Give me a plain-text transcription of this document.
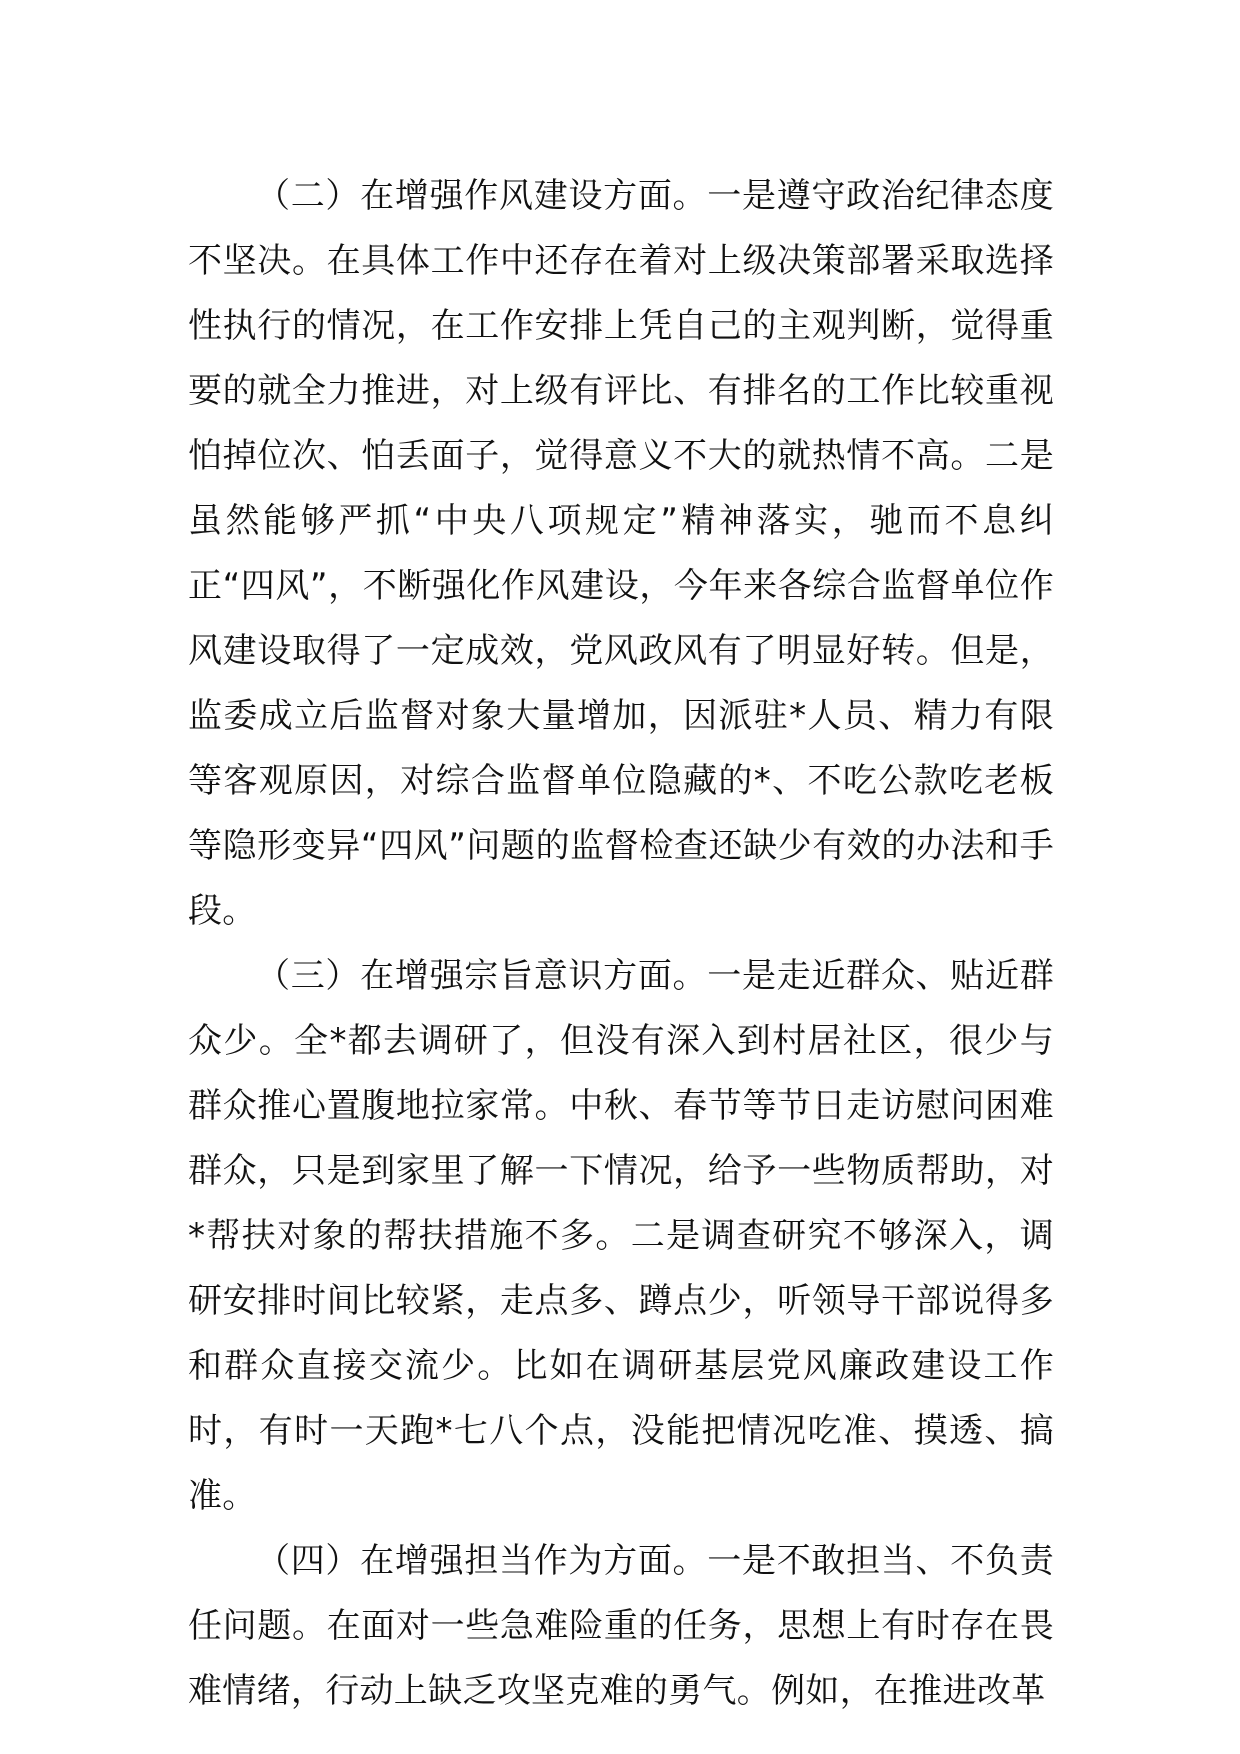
（二）在增强作风建设方面。一是遵守政治纪律态度不坚决。在具体工作中还存在着对上级决策部署采取选择性执行的情况，在工作安排上凭自己的主观判断，觉得重要的就全力推进，对上级有评比、有排名的工作比较重视怕掉位次、怕丢面子，觉得意义不大的就热情不高。二是虽然能够严抓“中央八项规定”精神落实，驰而不息纠正“四风”，不断强化作风建设，今年来各综合监督单位作风建设取得了一定成效，党风政风有了明显好转。但是，监委成立后监督对象大量增加，因派驻*人员、精力有限等客观原因，对综合监督单位隐藏的*、不吃公款吃老板等隐形变异“四风”问题的监督检查还缺少有效的办法和手段。

（三）在增强宗旨意识方面。一是走近群众、贴近群众少。全*都去调研了，但没有深入到村居社区，很少与群众推心置腹地拉家常。中秋、春节等节日走访慰问困难群众，只是到家里了解一下情况，给予一些物质帮助，对*帮扶对象的帮扶措施不多。二是调查研究不够深入，调研安排时间比较紧，走点多、蹲点少，听领导干部说得多和群众直接交流少。比如在调研基层党风廉政建设工作时，有时一天跑*七八个点，没能把情况吃准、摸透、搞准。

（四）在增强担当作为方面。一是不敢担当、不负责任问题。在面对一些急难险重的任务，思想上有时存在畏难情绪，行动上缺乏攻坚克难的勇气。例如，在推进改革
